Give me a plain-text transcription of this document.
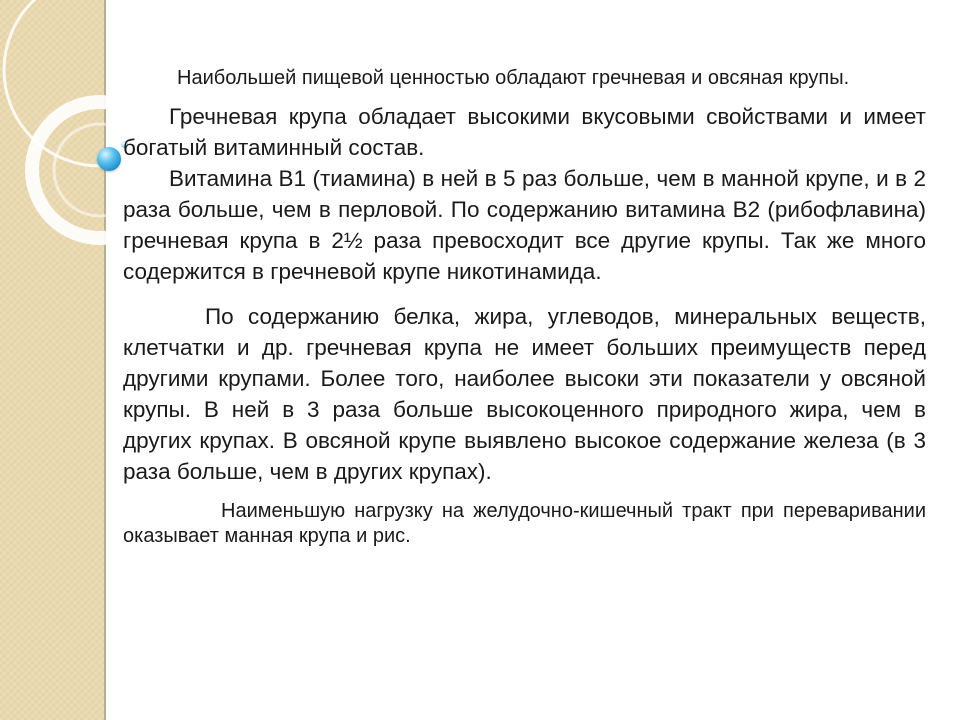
Наибольшей пищевой ценностью обладают гречневая и овсяная крупы.

Гречневая крупа обладает высокими вкусовыми свойствами и имеет богатый витаминный состав.

Витамина В1 (тиамина) в ней в 5 раз больше, чем в манной крупе, и в 2 раза больше, чем в перловой. По содержанию витамина В2 (рибофлавина) гречневая крупа в 2½ раза превосходит все другие крупы. Так же много содержится в гречневой крупе никотинамида.

По содержанию белка, жира, углеводов, минеральных веществ, клетчатки и др. гречневая крупа не имеет больших преимуществ перед другими крупами. Более того, наиболее высоки эти показатели у овсяной крупы. В ней в 3 раза больше высокоценного природного жира, чем в других крупах. В овсяной крупе выявлено высокое содержание железа (в 3 раза больше, чем в других крупах).

Наименьшую нагрузку на желудочно-кишечный тракт при переваривании оказывает манная крупа и рис.
